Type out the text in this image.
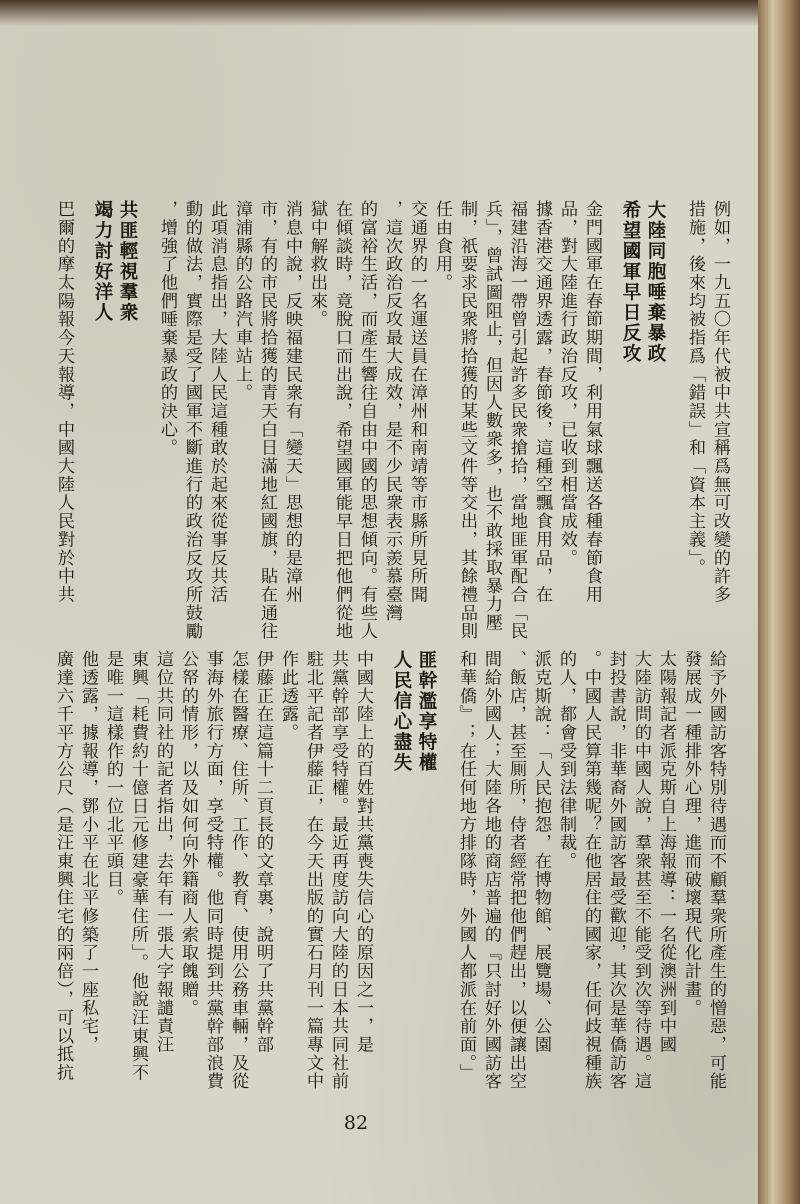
例如，一九五〇年代被中共宣稱爲無可改變的許多
措施，後來均被指爲「錯誤」和「資本主義」。
大陸同胞唾棄暴政
希望國軍早日反攻
金門國軍在春節期間，利用氣球飄送各種春節食用
品，對大陸進行政治反攻，已收到相當成效。
據香港交通界透露，春節後，這種空飄食用品，在
福建沿海一帶曾引起許多民衆搶拾，當地匪軍配合「民
兵」，曾試圖阻止，但因人數衆多，也不敢採取暴力壓
制，祇要求民衆將拾獲的某些文件等交出，其餘禮品則
任由食用。
交通界的一名運送員在漳州和南靖等市縣所見所聞
，這次政治反攻最大成效，是不少民衆表示羨慕臺灣
的富裕生活，而產生響往自由中國的思想傾向。有些人
在傾談時，竟脫口而出說，希望國軍能早日把他們從地
獄中解救出來。
消息中說，反映福建民衆有「變天」思想的是漳州
市，有的市民將拾獲的青天白日滿地紅國旗，貼在通往
漳浦縣的公路汽車站上。
此項消息指出，大陸人民這種敢於起來從事反共活
動的做法，實際是受了國軍不斷進行的政治反攻所鼓勵
，增強了他們唾棄暴政的決心。
共匪輕視羣衆
竭力討好洋人
巴爾的摩太陽報今天報導，中國大陸人民對於中共
給予外國訪客特別待遇而不顧羣衆所產生的憎惡，可能
發展成一種排外心理，進而破壞現代化計畫。
太陽報記者派克斯自上海報導：一名從澳洲到中國
大陸訪問的中國人說，羣衆甚至不能受到次等待遇。這
封投書說，非華裔外國訪客最受歡迎，其次是華僑訪客
。中國人民算第幾呢？在他居住的國家，任何歧視種族
的人，都會受到法律制裁。
派克斯說：「人民抱怨，在博物館、展覽場、公園
、飯店，甚至厠所，侍者經常把他們趕出，以便讓出空
間給外國人；大陸各地的商店普遍的『只討好外國訪客
和華僑』；在任何地方排隊時，外國人都派在前面。」
匪幹濫享特權
人民信心盡失
中國大陸上的百姓對共黨喪失信心的原因之一，是
共黨幹部享受特權。最近再度訪向大陸的日本共同社前
駐北平記者伊藤正，在今天出版的實石月刊一篇專文中
作此透露。
伊藤正在這篇十二頁長的文章裏，說明了共黨幹部
怎樣在醫療、住所、工作、教育、使用公務車輛，及從
事海外旅行方面，享受特權。他同時提到共黨幹部浪費
公帑的情形，以及如何向外籍商人索取餽贈。
這位共同社的記者指出，去年有一張大字報譴責汪
東興「耗費約十億日元修建豪華住所」。他說汪東興不
是唯一這樣作的一位北平頭目。
他透露，據報導，鄧小平在北平修築了一座私宅，
廣達六千平方公尺（是汪東興住宅的兩倍），可以抵抗
82
